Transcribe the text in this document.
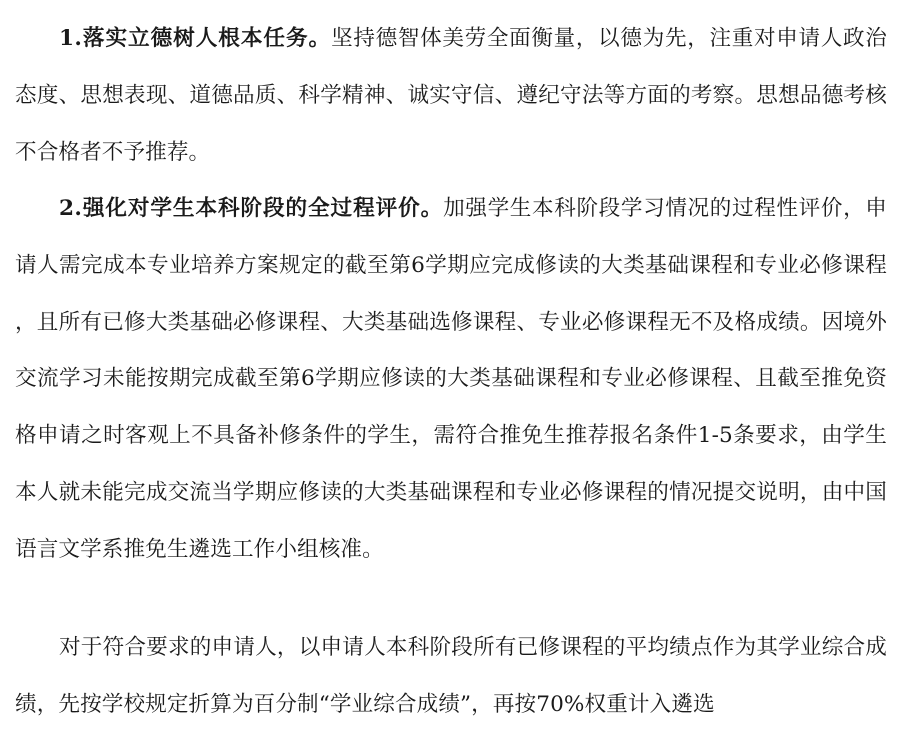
1.落实立德树人根本任务。坚持德智体美劳全面衡量，以德为先，注重对申请人政治态度、思想表现、道德品质、科学精神、诚实守信、遵纪守法等方面的考察。思想品德考核不合格者不予推荐。

2.强化对学生本科阶段的全过程评价。加强学生本科阶段学习情况的过程性评价，申请人需完成本专业培养方案规定的截至第6学期应完成修读的大类基础课程和专业必修课程，且所有已修大类基础必修课程、大类基础选修课程、专业必修课程无不及格成绩。因境外交流学习未能按期完成截至第6学期应修读的大类基础课程和专业必修课程、且截至推免资格申请之时客观上不具备补修条件的学生，需符合推免生推荐报名条件1-5条要求，由学生本人就未能完成交流当学期应修读的大类基础课程和专业必修课程的情况提交说明，由中国语言文学系推免生遴选工作小组核准。

对于符合要求的申请人，以申请人本科阶段所有已修课程的平均绩点作为其学业综合成绩，先按学校规定折算为百分制“学业综合成绩”，再按70%权重计入遴选
